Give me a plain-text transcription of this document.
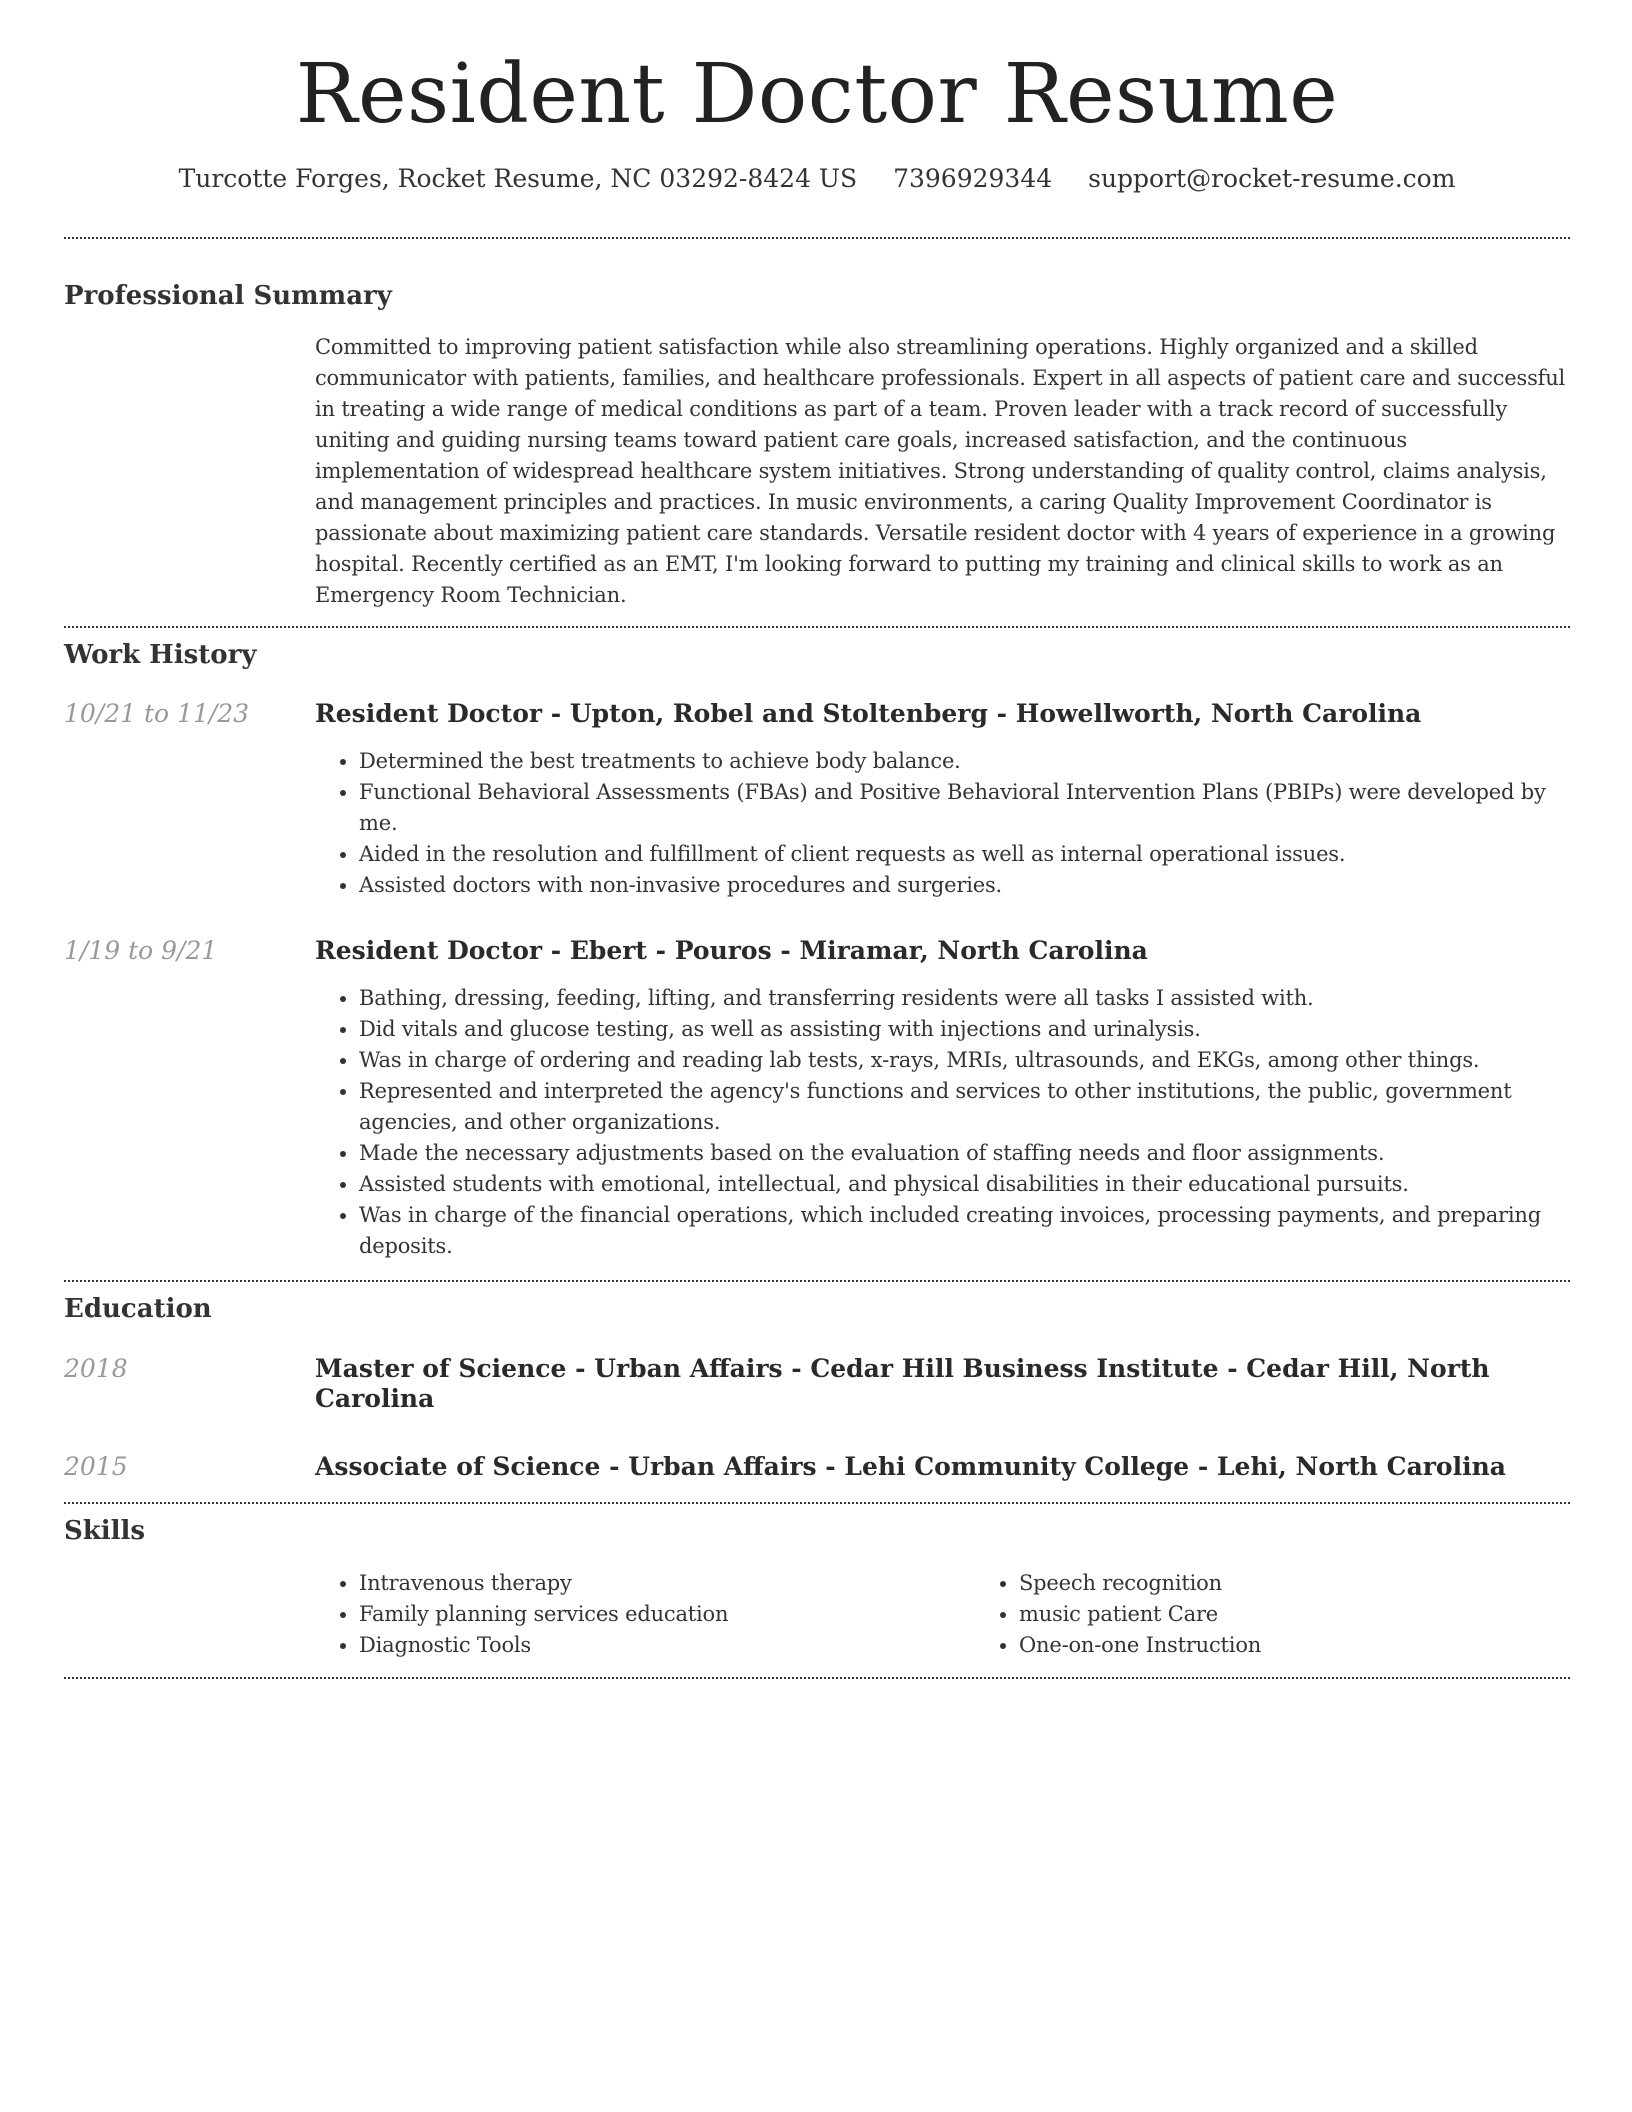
Resident Doctor Resume
Turcotte Forges, Rocket Resume, NC 03292-8424 US 7396929344 support@rocket-resume.com
Professional Summary

Committed to improving patient satisfaction while also streamlining operations. Highly organized and a skilled communicator with patients, families, and healthcare professionals. Expert in all aspects of patient care and successful in treating a wide range of medical conditions as part of a team. Proven leader with a track record of successfully uniting and guiding nursing teams toward patient care goals, increased satisfaction, and the continuous implementation of widespread healthcare system initiatives. Strong understanding of quality control, claims analysis, and management principles and practices. In music environments, a caring Quality Improvement Coordinator is passionate about maximizing patient care standards. Versatile resident doctor with 4 years of experience in a growing hospital. Recently certified as an EMT, I'm looking forward to putting my training and clinical skills to work as an Emergency Room Technician.

Work History
10/21 to 11/23	Resident Doctor - Upton, Robel and Stoltenberg - Howellworth, North Carolina
• Determined the best treatments to achieve body balance.
• Functional Behavioral Assessments (FBAs) and Positive Behavioral Intervention Plans (PBIPs) were developed by me.
• Aided in the resolution and fulfillment of client requests as well as internal operational issues.
• Assisted doctors with non-invasive procedures and surgeries.
1/19 to 9/21	Resident Doctor - Ebert - Pouros - Miramar, North Carolina
• Bathing, dressing, feeding, lifting, and transferring residents were all tasks I assisted with.
• Did vitals and glucose testing, as well as assisting with injections and urinalysis.
• Was in charge of ordering and reading lab tests, x-rays, MRIs, ultrasounds, and EKGs, among other things.
• Represented and interpreted the agency's functions and services to other institutions, the public, government agencies, and other organizations.
• Made the necessary adjustments based on the evaluation of staffing needs and floor assignments.
• Assisted students with emotional, intellectual, and physical disabilities in their educational pursuits.
• Was in charge of the financial operations, which included creating invoices, processing payments, and preparing deposits.
Education
2018	Master of Science - Urban Affairs - Cedar Hill Business Institute - Cedar Hill, North Carolina
2015	Associate of Science - Urban Affairs - Lehi Community College - Lehi, North Carolina
Skills
• Intravenous therapy
• Family planning services education
• Diagnostic Tools
• Speech recognition
• music patient Care
• One-on-one Instruction
